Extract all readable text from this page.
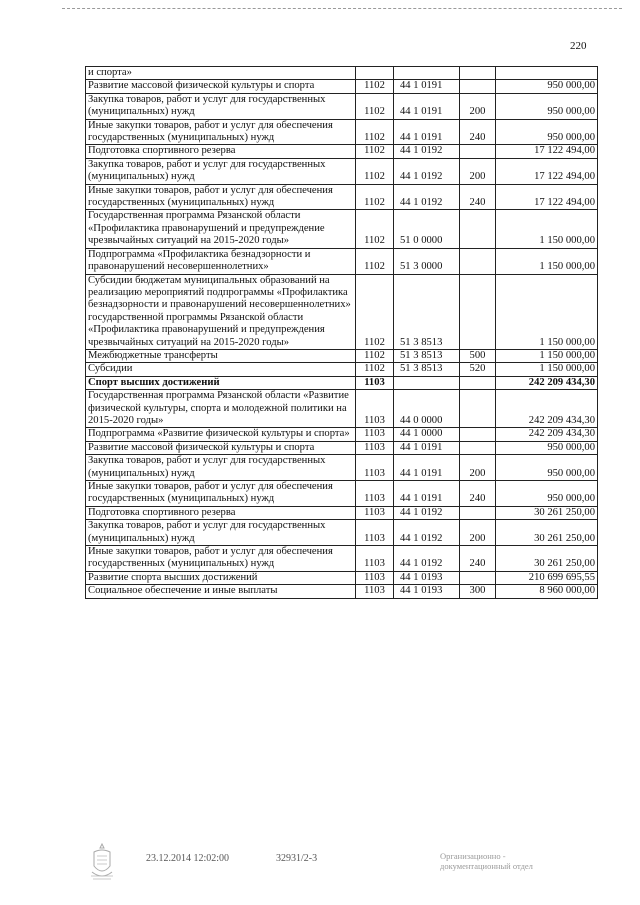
220
и спорта»				
Развитие массовой физической культуры и спорта	1102	44 1 0191		950 000,00
Закупка товаров, работ и услуг для государственных (муниципальных) нужд	1102	44 1 0191	200	950 000,00
Иные закупки товаров, работ и услуг для обеспечения государственных (муниципальных) нужд	1102	44 1 0191	240	950 000,00
Подготовка спортивного резерва	1102	44 1 0192		17 122 494,00
Закупка товаров, работ и услуг для государственных (муниципальных) нужд	1102	44 1 0192	200	17 122 494,00
Иные закупки товаров, работ и услуг для обеспечения государственных (муниципальных) нужд	1102	44 1 0192	240	17 122 494,00
Государственная программа Рязанской области «Профилактика правонарушений и предупреждение чрезвычайных ситуаций на 2015-2020 годы»	1102	51 0 0000		1 150 000,00
Подпрограмма «Профилактика безнадзорности и правонарушений несовершеннолетних»	1102	51 3 0000		1 150 000,00
Субсидии бюджетам муниципальных образований на реализацию мероприятий подпрограммы «Профилактика безнадзорности и правонарушений несовершеннолетних» государственной программы Рязанской области «Профилактика правонарушений и предупреждения чрезвычайных ситуаций на 2015-2020 годы»	1102	51 3 8513		1 150 000,00
Межбюджетные трансферты	1102	51 3 8513	500	1 150 000,00
Субсидии	1102	51 3 8513	520	1 150 000,00
Спорт высших достижений	1103			242 209 434,30
Государственная программа Рязанской области «Развитие физической культуры, спорта и молодежной политики на 2015-2020 годы»	1103	44 0 0000		242 209 434,30
Подпрограмма «Развитие физической культуры и спорта»	1103	44 1 0000		242 209 434,30
Развитие массовой физической культуры и спорта	1103	44 1 0191		950 000,00
Закупка товаров, работ и услуг для государственных (муниципальных) нужд	1103	44 1 0191	200	950 000,00
Иные закупки товаров, работ и услуг для обеспечения государственных (муниципальных) нужд	1103	44 1 0191	240	950 000,00
Подготовка спортивного резерва	1103	44 1 0192		30 261 250,00
Закупка товаров, работ и услуг для государственных (муниципальных) нужд	1103	44 1 0192	200	30 261 250,00
Иные закупки товаров, работ и услуг для обеспечения государственных (муниципальных) нужд	1103	44 1 0192	240	30 261 250,00
Развитие спорта высших достижений	1103	44 1 0193		210 699 695,55
Социальное обеспечение и иные выплаты	1103	44 1 0193	300	8 960 000,00
23.12.2014 12:02:00	32931/2-3	Организационно -
документационный отдел
